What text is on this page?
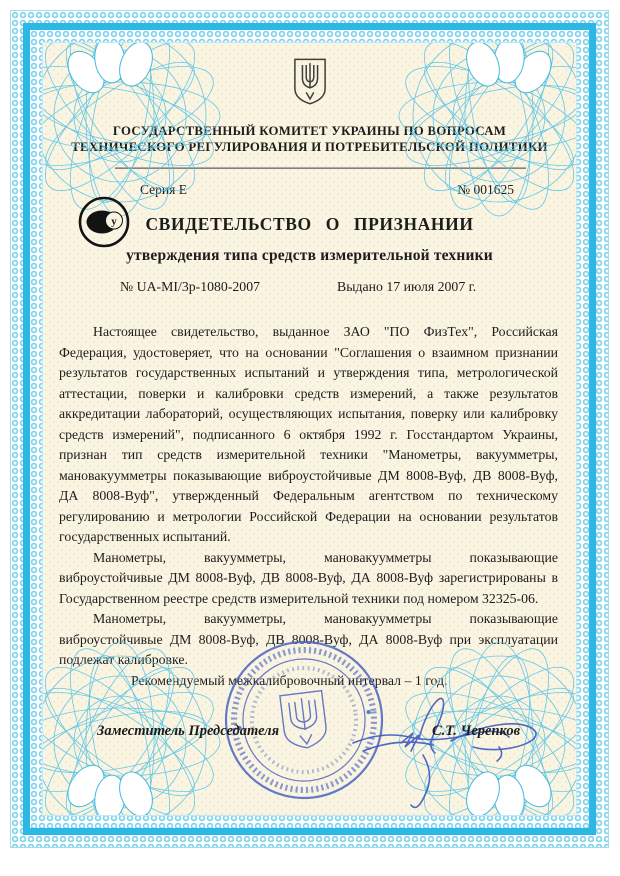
ГОСУДАРСТВЕННЫЙ КОМИТЕТ УКРАИНЫ ПО ВОПРОСАМ
ТЕХНИЧЕСКОГО РЕГУЛИРОВАНИЯ И ПОТРЕБИТЕЛЬСКОЙ ПОЛИТИКИ
Серия Е	№ 001625
у	СВИДЕТЕЛЬСТВО О ПРИЗНАНИИ
утверждения типа средств измерительной техники
№ UA-MI/3p-1080-2007	Выдано 17 июля 2007 г.

Настоящее свидетельство, выданное ЗАО "ПО ФизТех", Российская Федерация, удостоверяет, что на основании "Соглашения о взаимном признании результатов государственных испытаний и утверждения типа, метрологической аттестации, поверки и калибровки средств измерений, а также результатов аккредитации лабораторий, осуществляющих испытания, поверку или калибровку средств измерений", подписанного 6 октября 1992 г. Госстандартом Украины, признан тип средств измерительной техники "Манометры, вакуумметры, мановакуумметры показывающие виброустойчивые ДМ 8008-Вуф, ДВ 8008-Вуф, ДА 8008-Вуф", утвержденный Федеральным агентством по техническому регулированию и метрологии Российской Федерации на основании результатов государственных испытаний.

Манометры, вакуумметры, мановакуумметры показывающие виброустойчивые ДМ 8008-Вуф, ДВ 8008-Вуф, ДА 8008-Вуф зарегистрированы в Государственном реестре средств измерительной техники под номером 32325-06.

Манометры, вакуумметры, мановакуумметры показывающие виброустойчивые ДМ 8008-Вуф, ДВ 8008-Вуф, ДА 8008-Вуф при эксплуатации подлежат калибровке.

Рекомендуемый межкалибровочный интервал – 1 год.

Заместитель Председателя	С.Т. Черепков
